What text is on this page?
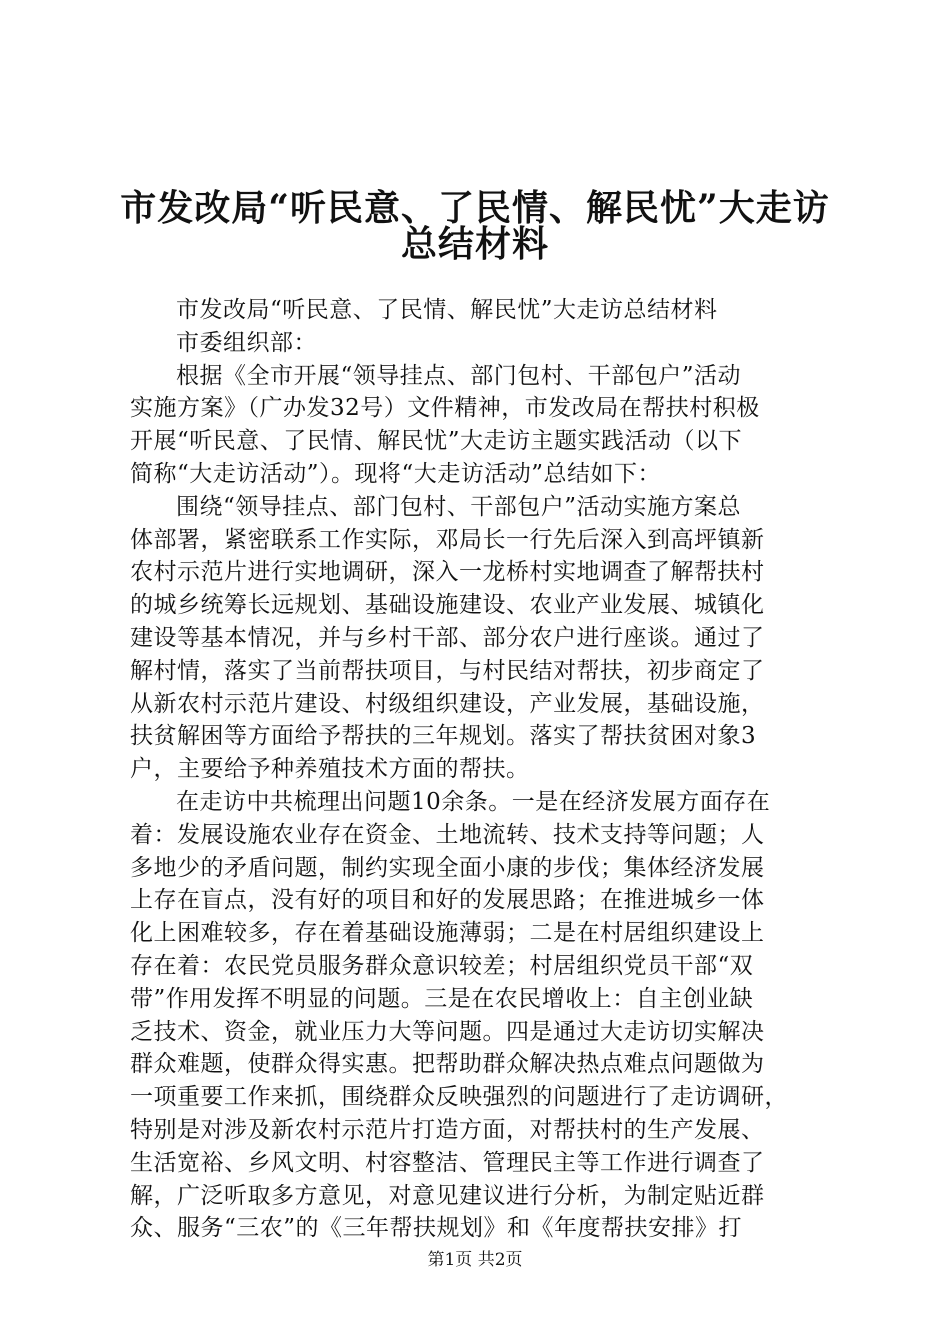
市发改局“听民意、了民情、解民忧”大走访
总结材料
市发改局“听民意、了民情、解民忧”大走访总结材料
市委组织部：
根据《全市开展“领导挂点、部门包村、干部包户”活动
实施方案》（广办发32号）文件精神，市发改局在帮扶村积极
开展“听民意、了民情、解民忧”大走访主题实践活动（以下
简称“大走访活动”）。现将“大走访活动”总结如下：
围绕“领导挂点、部门包村、干部包户”活动实施方案总
体部署，紧密联系工作实际，邓局长一行先后深入到高坪镇新
农村示范片进行实地调研，深入一龙桥村实地调查了解帮扶村
的城乡统筹长远规划、基础设施建设、农业产业发展、城镇化
建设等基本情况，并与乡村干部、部分农户进行座谈。通过了
解村情，落实了当前帮扶项目，与村民结对帮扶，初步商定了
从新农村示范片建设、村级组织建设，产业发展，基础设施，
扶贫解困等方面给予帮扶的三年规划。落实了帮扶贫困对象3
户，主要给予种养殖技术方面的帮扶。
在走访中共梳理出问题10余条。一是在经济发展方面存在
着：发展设施农业存在资金、土地流转、技术支持等问题；人
多地少的矛盾问题，制约实现全面小康的步伐；集体经济发展
上存在盲点，没有好的项目和好的发展思路；在推进城乡一体
化上困难较多，存在着基础设施薄弱；二是在村居组织建设上
存在着：农民党员服务群众意识较差；村居组织党员干部“双
带”作用发挥不明显的问题。三是在农民增收上：自主创业缺
乏技术、资金，就业压力大等问题。四是通过大走访切实解决
群众难题，使群众得实惠。把帮助群众解决热点难点问题做为
一项重要工作来抓，围绕群众反映强烈的问题进行了走访调研，
特别是对涉及新农村示范片打造方面，对帮扶村的生产发展、
生活宽裕、乡风文明、村容整洁、管理民主等工作进行调查了
解，广泛听取多方意见，对意见建议进行分析，为制定贴近群
众、服务“三农”的《三年帮扶规划》和《年度帮扶安排》打
第1页 共2页
